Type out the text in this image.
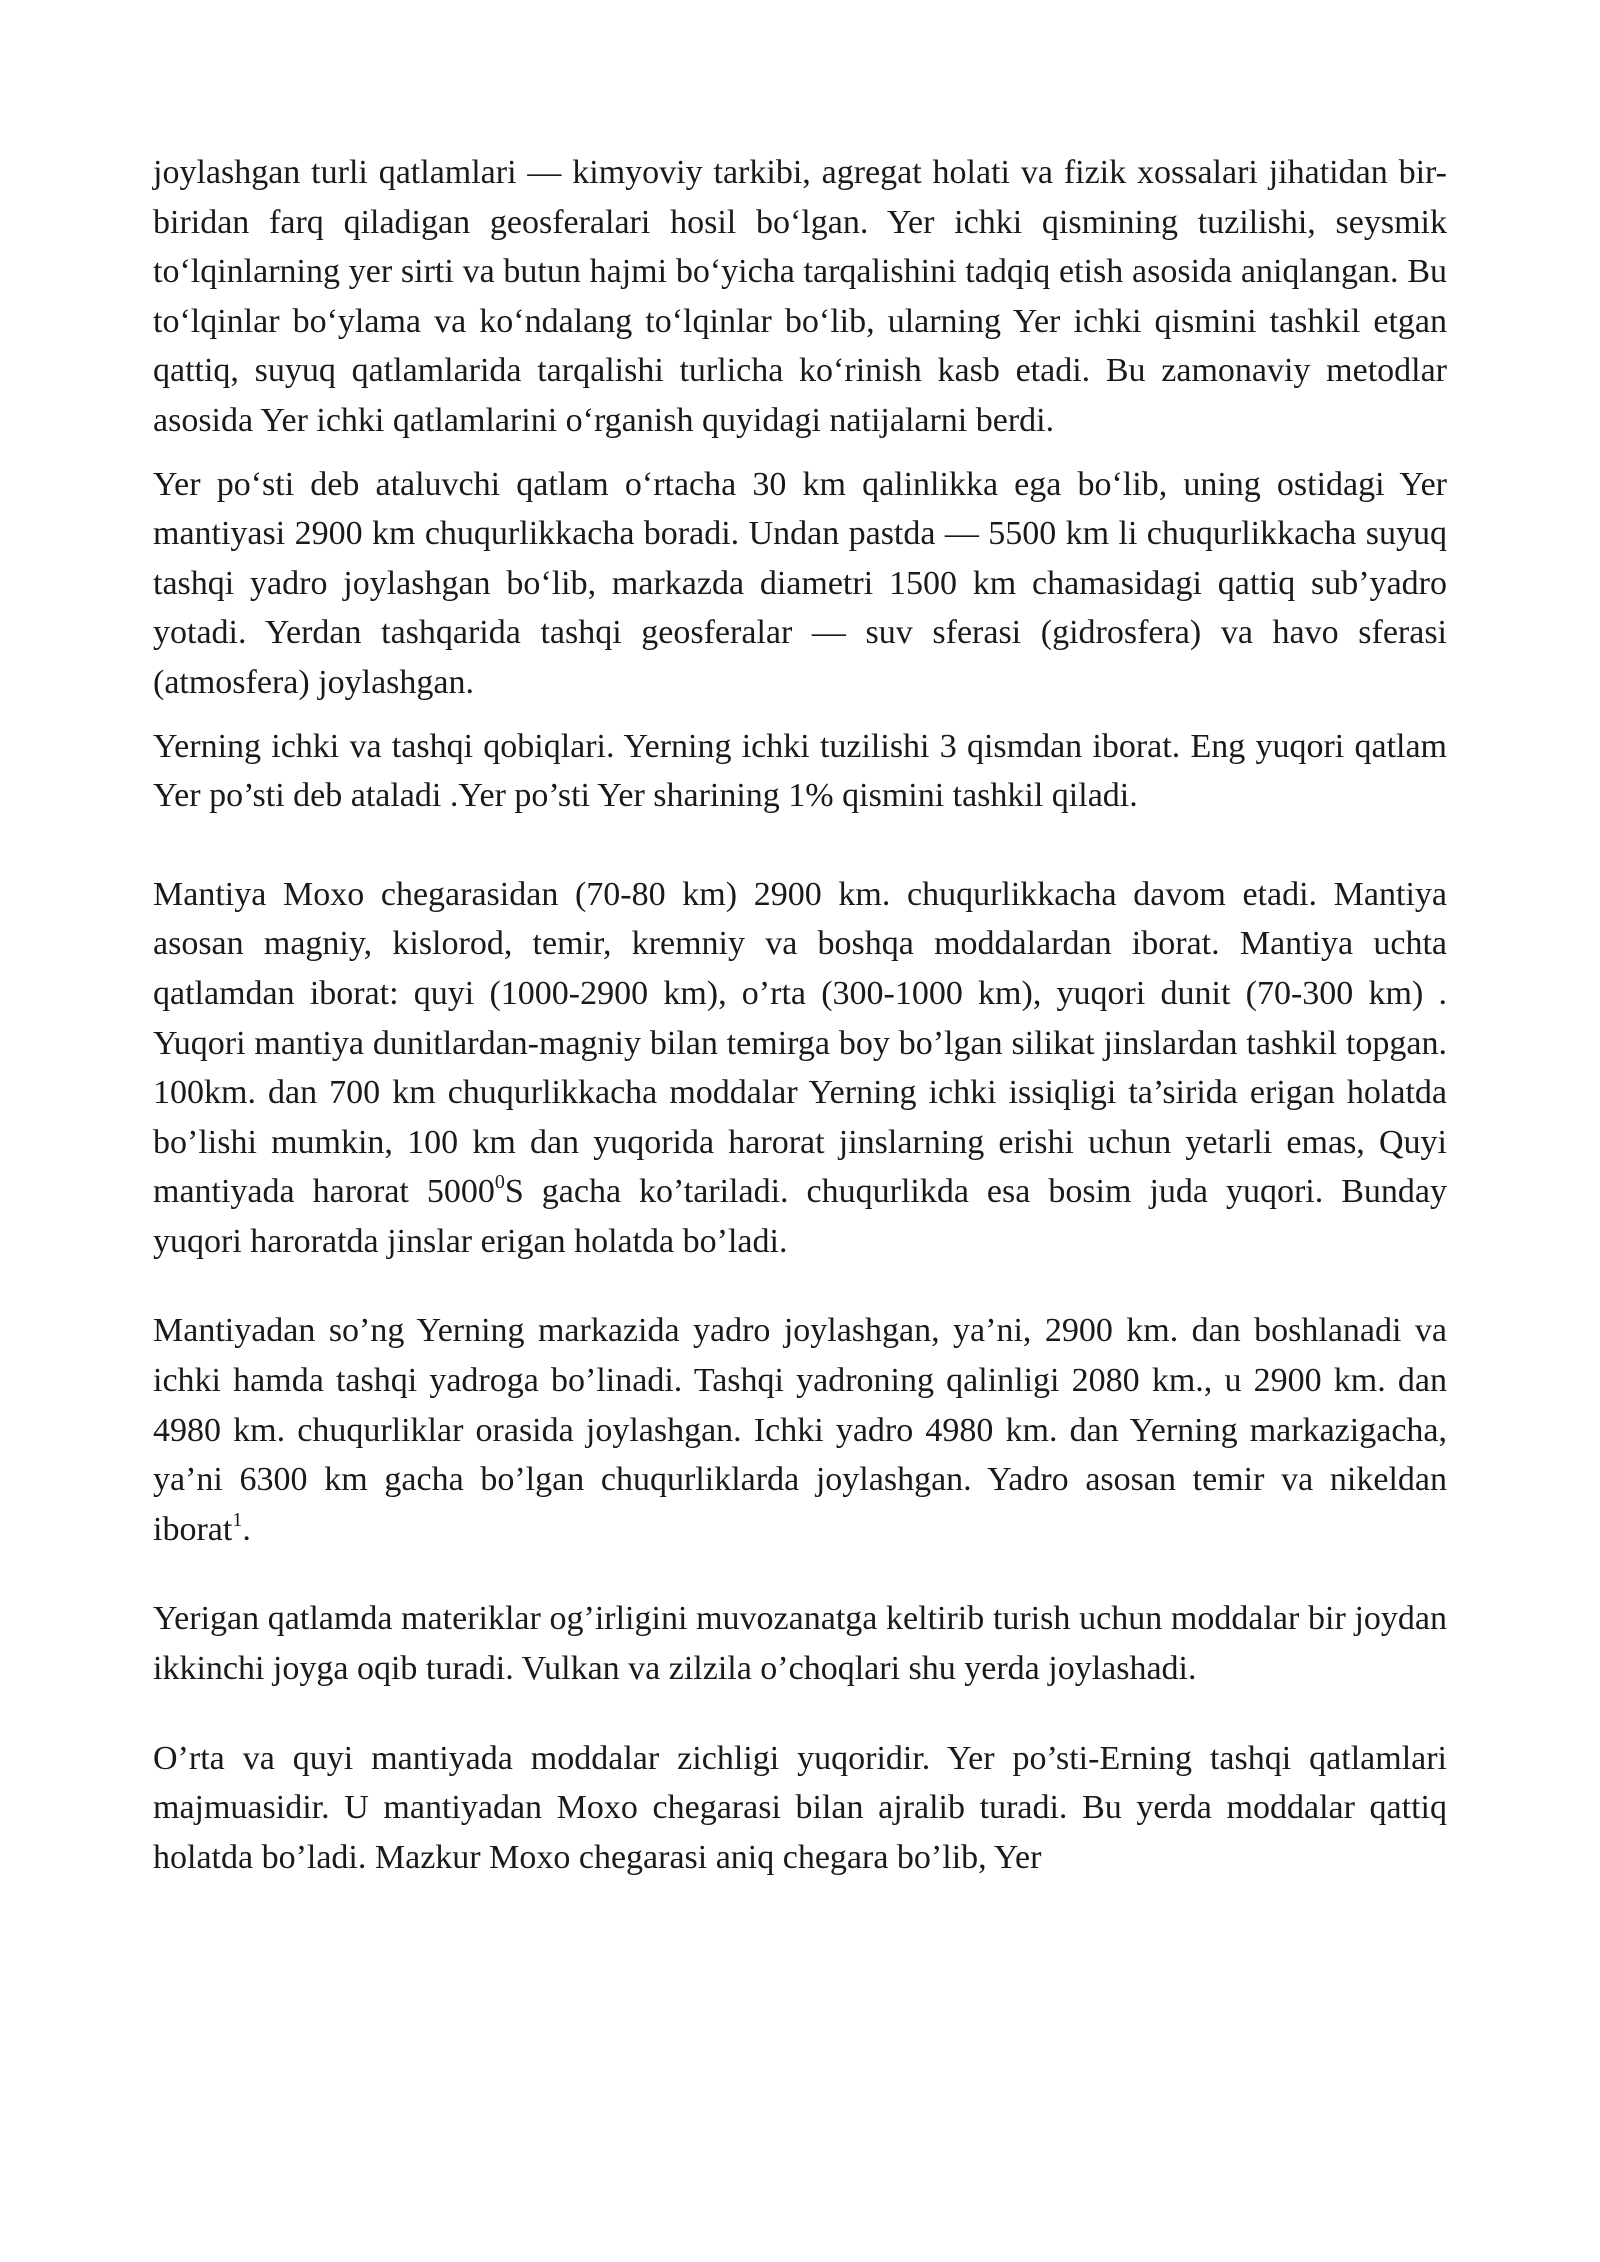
joylashgan turli qatlamlari — kimyoviy tarkibi, agregat holati va fizik xossalari jihatidan bir-biridan farq qiladigan geosferalari hosil bo‘lgan. Yer ichki qismining tuzilishi, seysmik to‘lqinlarning yer sirti va butun hajmi bo‘yicha tarqalishini tadqiq etish asosida aniqlangan. Bu to‘lqinlar bo‘ylama va ko‘ndalang to‘lqinlar bo‘lib, ularning Yer ichki qismini tashkil etgan qattiq, suyuq qatlamlarida tarqalishi turlicha ko‘rinish kasb etadi. Bu zamonaviy metodlar asosida Yer ichki qatlamlarini o‘rganish quyidagi natijalarni berdi.

Yer po‘sti deb ataluvchi qatlam o‘rtacha 30 km qalinlikka ega bo‘lib, uning ostidagi Yer mantiyasi 2900 km chuqurlikkacha boradi. Undan pastda — 5500 km li chuqurlikkacha suyuq tashqi yadro joylashgan bo‘lib, markazda diametri 1500 km chamasidagi qattiq sub’yadro yotadi. Yerdan tashqarida tashqi geosferalar — suv sferasi (gidrosfera) va havo sferasi (atmosfera) joylashgan.

Yerning ichki va tashqi qobiqlari. Yerning ichki tuzilishi 3 qismdan iborat. Eng yuqori qatlam Yer po’sti deb ataladi .Yer po’sti Yer sharining 1% qismini tashkil qiladi.

Mantiya Moxo chegarasidan (70-80 km) 2900 km. chuqurlikkacha davom etadi. Mantiya asosan magniy, kislorod, temir, kremniy va boshqa moddalardan iborat. Mantiya uchta qatlamdan iborat: quyi (1000-2900 km), o’rta (300-1000 km), yuqori dunit (70-300 km) . Yuqori mantiya dunitlardan-magniy bilan temirga boy bo’lgan silikat jinslardan tashkil topgan. 100km. dan 700 km chuqurlikkacha moddalar Yerning ichki issiqligi ta’sirida erigan holatda bo’lishi mumkin, 100 km dan yuqorida harorat jinslarning erishi uchun yetarli emas, Quyi mantiyada harorat 5000$^0$S gacha ko’tariladi. chuqurlikda esa bosim juda yuqori. Bunday yuqori haroratda jinslar erigan holatda bo’ladi.

Mantiyadan so’ng Yerning markazida yadro joylashgan, ya’ni, 2900 km. dan boshlanadi va ichki hamda tashqi yadroga bo’linadi. Tashqi yadroning qalinligi 2080 km., u 2900 km. dan 4980 km. chuqurliklar orasida joylashgan. Ichki yadro 4980 km. dan Yerning markazigacha, ya’ni 6300 km gacha bo’lgan chuqurliklarda joylashgan. Yadro asosan temir va nikeldan iborat$^1$.

Yerigan qatlamda materiklar og’irligini muvozanatga keltirib turish uchun moddalar bir joydan ikkinchi joyga oqib turadi. Vulkan va zilzila o’choqlari shu yerda joylashadi.

O’rta va quyi mantiyada moddalar zichligi yuqoridir. Yer po’sti-Erning tashqi qatlamlari majmuasidir. U mantiyadan Moxo chegarasi bilan ajralib turadi. Bu yerda moddalar qattiq holatda bo’ladi. Mazkur Moxo chegarasi aniq chegara bo’lib, Yer
